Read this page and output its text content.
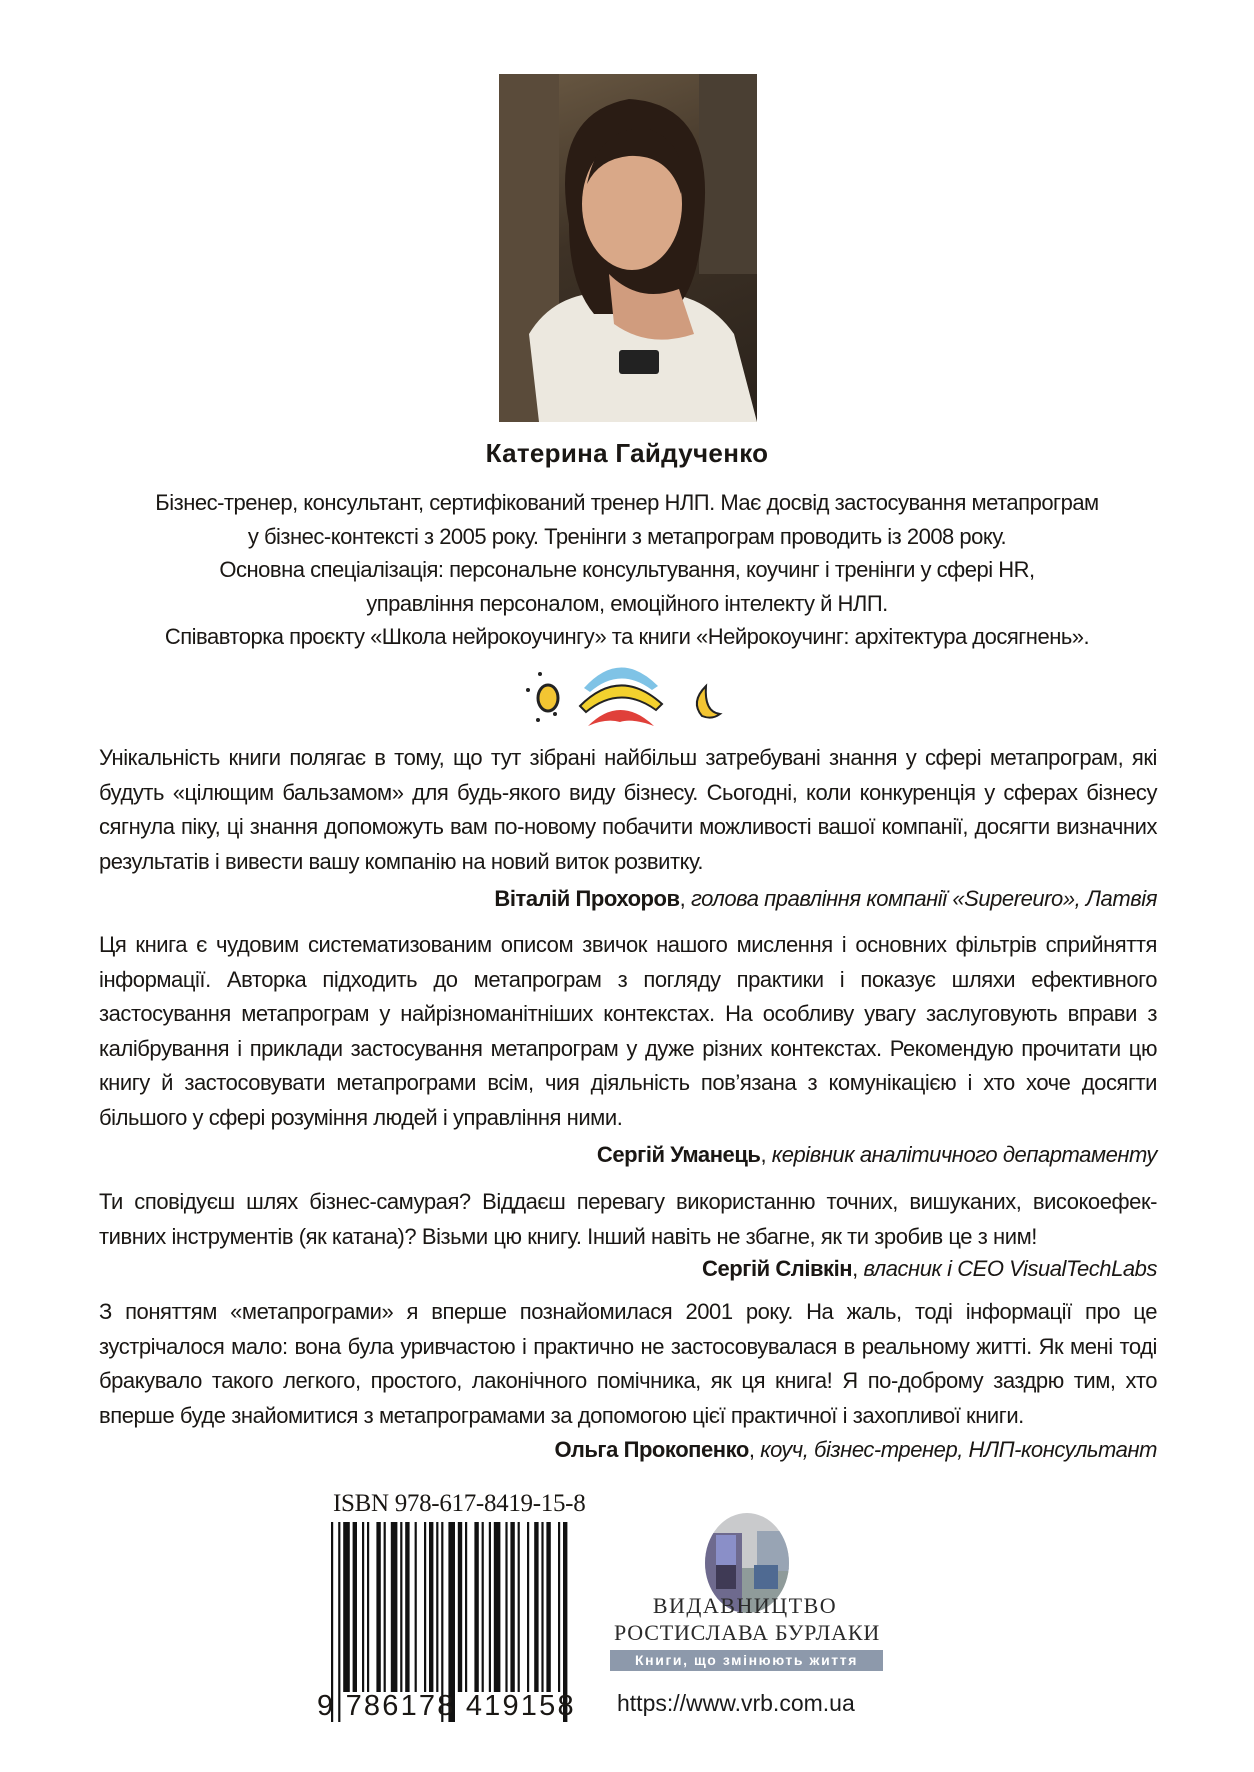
Катерина Гайдученко
Бізнес-тренер, консультант, сертифікований тренер НЛП. Має досвід застосування метапрограм
у бізнес-контексті з 2005 року. Тренінги з метапрограм проводить із 2008 року.
Основна спеціалізація: персональне консультування, коучинг і тренінги у сфері HR,
управління персоналом, емоційного інтелекту й НЛП.
Співавторка проєкту «Школа нейрокоучингу» та книги «Нейрокоучинг: архітектура досягнень».
Унікальність книги полягає в тому, що тут зібрані найбільш затребувані знання у сфері метапрограм, які
будуть «цілющим бальзамом» для будь-якого виду бізнесу. Сьогодні, коли конкуренція у сферах бізнесу
сягнула піку, ці знання допоможуть вам по-новому побачити можливості вашої компанії, досягти визначних
результатів і вивести вашу компанію на новий виток розвитку.
Віталій Прохоров, голова правління компанії «Supereuro», Латвія
Ця книга є чудовим систематизованим описом звичок нашого мислення і основних фільтрів сприйняття
інформації. Авторка підходить до метапрограм з погляду практики і показує шляхи ефективного
застосування метапрограм у найрізноманітніших контекстах. На особливу увагу заслуговують вправи з
калібрування і приклади застосування метапрограм у дуже різних контекстах. Рекомендую прочитати цю
книгу й застосовувати метапрограми всім, чия діяльність пов’язана з комунікацією і хто хоче досягти
більшого у сфері розуміння людей і управління ними.
Сергій Уманець, керівник аналітичного департаменту
Ти сповідуєш шлях бізнес-самурая? Віддаєш перевагу використанню точних, вишуканих, високоефек-
тивних інструментів (як катана)? Візьми цю книгу. Інший навіть не збагне, як ти зробив це з ним!
Сергій Слівкін, власник і CEO VisualTechLabs
З поняттям «метапрограми» я вперше познайомилася 2001 року. На жаль, тоді інформації про це
зустрічалося мало: вона була уривчастою і практично не застосовувалася в реальному житті. Як мені тоді
бракувало такого легкого, простого, лаконічного помічника, як ця книга! Я по-доброму заздрю тим, хто
вперше буде знайомитися з метапрограмами за допомогою цієї практичної і захопливої книги.
Ольга Прокопенко, коуч, бізнес-тренер, НЛП-консультант
ISBN 978-617-8419-15-8
9 786178 419158
ВИДАВНИЦТВО
РОСТИСЛАВА БУРЛАКИ
Книги, що змінюють життя
https://www.vrb.com.ua
